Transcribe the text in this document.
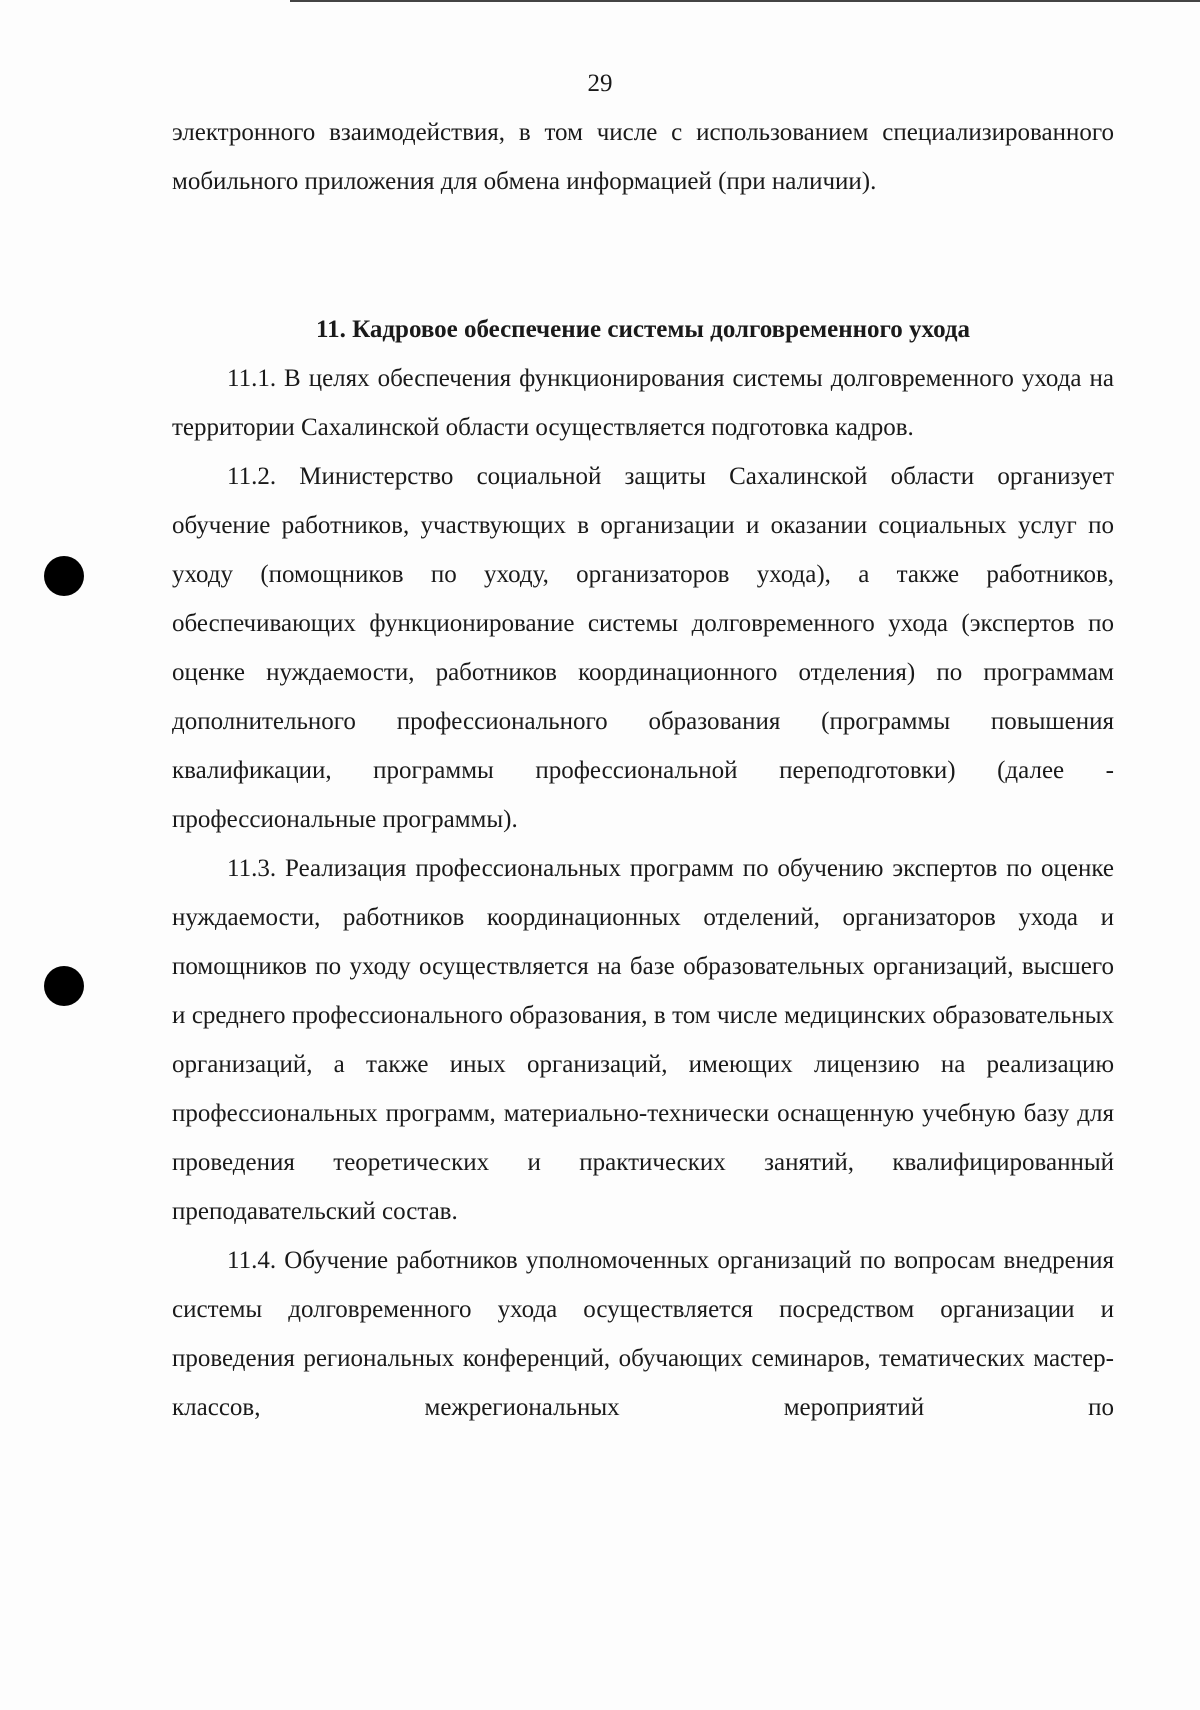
29

электронного взаимодействия, в том числе с использованием специализированного мобильного приложения для обмена информацией (при наличии).

11. Кадровое обеспечение системы долговременного ухода

11.1. В целях обеспечения функционирования системы долговременного ухода на территории Сахалинской области осуществляется подготовка кадров.

11.2. Министерство социальной защиты Сахалинской области организует обучение работников, участвующих в организации и оказании социальных услуг по уходу (помощников по уходу, организаторов ухода), а также работников, обеспечивающих функционирование системы долговременного ухода (экспертов по оценке нуждаемости, работников координационного отделения) по программам дополнительного профессионального образования (программы повышения квалификации, программы профессиональной переподготовки) (далее - профессиональные программы).

11.3. Реализация профессиональных программ по обучению экспертов по оценке нуждаемости, работников координационных отделений, организаторов ухода и помощников по уходу осуществляется на базе образовательных организаций, высшего и среднего профессионального образования, в том числе медицинских образовательных организаций, а также иных организаций, имеющих лицензию на реализацию профессиональных программ, материально-технически оснащенную учебную базу для проведения теоретических и практических занятий, квалифицированный преподавательский состав.

11.4. Обучение работников уполномоченных организаций по вопросам внедрения системы долговременного ухода осуществляется посредством организации и проведения региональных конференций, обучающих семинаров, тематических мастер-классов, межрегиональных мероприятий по
